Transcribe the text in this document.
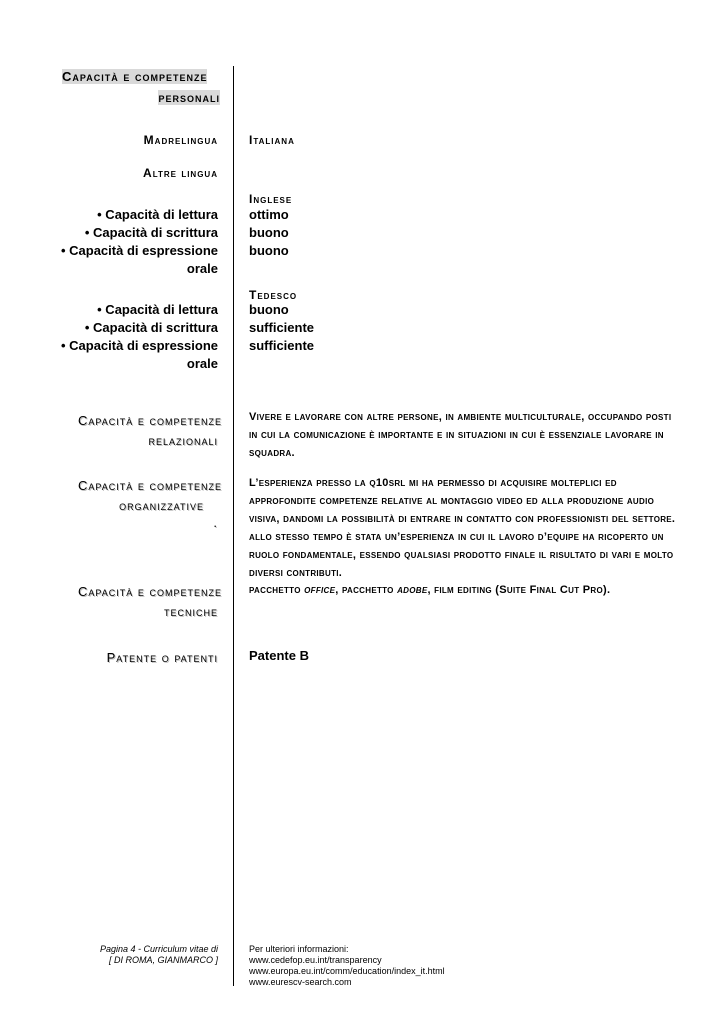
Capacità e competenze
personali
Madrelingua	Italiana
Altre lingua
Inglese
• Capacità di lettura
• Capacità di scrittura
• Capacità di espressione
orale
ottimo
buono
buono
Tedesco
• Capacità di lettura
• Capacità di scrittura
• Capacità di espressione
orale
buono
sufficiente
sufficiente
Capacità e competenze
relazionali
Vivere e lavorare con altre persone, in ambiente multiculturale, occupando posti
in cui la comunicazione è importante e in situazioni in cui è essenziale lavorare in
squadra.
Capacità e competenze
organizzative
.
L’esperienza presso la q10srl mi ha permesso di acquisire molteplici ed
approfondite competenze relative al montaggio video ed alla produzione audio
visiva, dandomi la possibilità di entrare in contatto con professionisti del settore.
allo stesso tempo è stata un’esperienza in cui il lavoro d’equipe ha ricoperto un
ruolo fondamentale, essendo qualsiasi prodotto finale il risultato di vari e molto
diversi contributi.
Capacità e competenze
tecniche
pacchetto office, pacchetto adobe, film editing (Suite Final Cut Pro).
Patente o patenti Patente B
Pagina 4 - Curriculum vitae di
[ DI ROMA, GIANMARCO ]
Per ulteriori informazioni:
www.cedefop.eu.int/transparency
www.europa.eu.int/comm/education/index_it.html
www.eurescv-search.com
